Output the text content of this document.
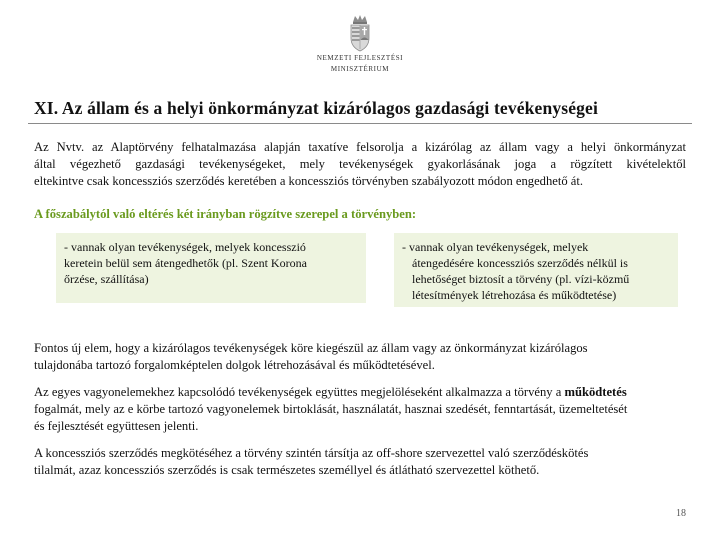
NEMZETI FEJLESZTÉSI
MINISZTÉRIUM
XI. Az állam és a helyi önkormányzat kizárólagos gazdasági tevékenységei
Az Nvtv. az Alaptörvény felhatalmazása alapján taxatíve felsorolja a kizárólag az állam vagy a helyi önkormányzat
által végezhető gazdasági tevékenységeket, mely tevékenységek gyakorlásának joga a rögzített kivételektől
eltekintve csak koncessziós szerződés keretében a koncessziós törvényben szabályozott módon engedhető át.
A főszabálytól való eltérés két irányban rögzítve szerepel a törvényben:
- vannak olyan tevékenységek, melyek koncesszió
keretein belül sem átengedhetők (pl. Szent Korona
őrzése, szállítása)
- vannak olyan tevékenységek, melyek
átengedésére koncessziós szerződés nélkül is
lehetőséget biztosít a törvény (pl. vízi-közmű
létesítmények létrehozása és működtetése)
Fontos új elem, hogy a kizárólagos tevékenységek köre kiegészül az állam vagy az önkormányzat kizárólagos
tulajdonába tartozó forgalomképtelen dolgok létrehozásával és működtetésével.
Az egyes vagyonelemekhez kapcsolódó tevékenységek együttes megjelöléseként alkalmazza a törvény a működtetés
fogalmát, mely az e körbe tartozó vagyonelemek birtoklását, használatát, hasznai szedését, fenntartását, üzemeltetését
és fejlesztését együttesen jelenti.
A koncessziós szerződés megkötéséhez a törvény szintén társítja az off-shore szervezettel való szerződéskötés
tilalmát, azaz koncessziós szerződés is csak természetes személlyel és átlátható szervezettel köthető.
18
